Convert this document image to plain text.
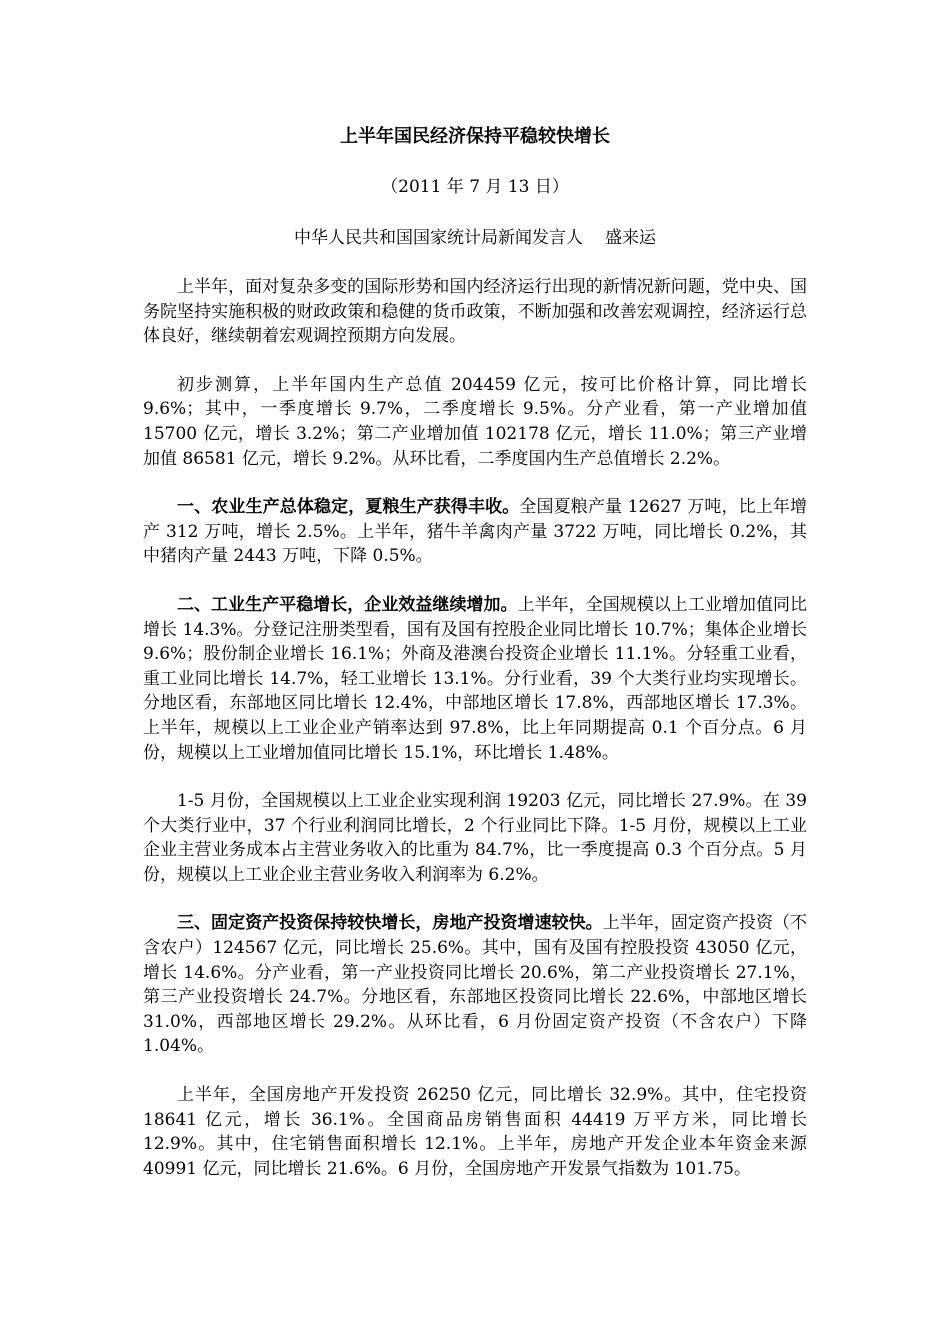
上半年国民经济保持平稳较快增长
（2011 年 7 月 13 日）
中华人民共和国国家统计局新闻发言人 盛来运

上半年，面对复杂多变的国际形势和国内经济运行出现的新情况新问题，党中央、国务院坚持实施积极的财政政策和稳健的货币政策，不断加强和改善宏观调控，经济运行总体良好，继续朝着宏观调控预期方向发展。

初步测算，上半年国内生产总值 204459 亿元，按可比价格计算，同比增长 9.6%；其中，一季度增长 9.7%，二季度增长 9.5%。分产业看，第一产业增加值 15700 亿元，增长 3.2%；第二产业增加值 102178 亿元，增长 11.0%；第三产业增加值 86581 亿元，增长 9.2%。从环比看，二季度国内生产总值增长 2.2%。

一、农业生产总体稳定，夏粮生产获得丰收。全国夏粮产量 12627 万吨，比上年增产 312 万吨，增长 2.5%。上半年，猪牛羊禽肉产量 3722 万吨，同比增长 0.2%，其中猪肉产量 2443 万吨，下降 0.5%。

二、工业生产平稳增长，企业效益继续增加。上半年，全国规模以上工业增加值同比增长 14.3%。分登记注册类型看，国有及国有控股企业同比增长 10.7%；集体企业增长 9.6%；股份制企业增长 16.1%；外商及港澳台投资企业增长 11.1%。分轻重工业看，重工业同比增长 14.7%，轻工业增长 13.1%。分行业看，39 个大类行业均实现增长。分地区看，东部地区同比增长 12.4%，中部地区增长 17.8%，西部地区增长 17.3%。上半年，规模以上工业企业产销率达到 97.8%，比上年同期提高 0.1 个百分点。6 月份，规模以上工业增加值同比增长 15.1%，环比增长 1.48%。

1-5 月份，全国规模以上工业企业实现利润 19203 亿元，同比增长 27.9%。在 39 个大类行业中，37 个行业利润同比增长，2 个行业同比下降。1-5 月份，规模以上工业企业主营业务成本占主营业务收入的比重为 84.7%，比一季度提高 0.3 个百分点。5 月份，规模以上工业企业主营业务收入利润率为 6.2%。

三、固定资产投资保持较快增长，房地产投资增速较快。上半年，固定资产投资（不含农户）124567 亿元，同比增长 25.6%。其中，国有及国有控股投资 43050 亿元，增长 14.6%。分产业看，第一产业投资同比增长 20.6%，第二产业投资增长 27.1%，第三产业投资增长 24.7%。分地区看，东部地区投资同比增长 22.6%，中部地区增长 31.0%，西部地区增长 29.2%。从环比看，6 月份固定资产投资（不含农户）下降 1.04%。

上半年，全国房地产开发投资 26250 亿元，同比增长 32.9%。其中，住宅投资 18641 亿元，增长 36.1%。全国商品房销售面积 44419 万平方米，同比增长 12.9%。其中，住宅销售面积增长 12.1%。上半年，房地产开发企业本年资金来源 40991 亿元，同比增长 21.6%。6 月份，全国房地产开发景气指数为 101.75。
